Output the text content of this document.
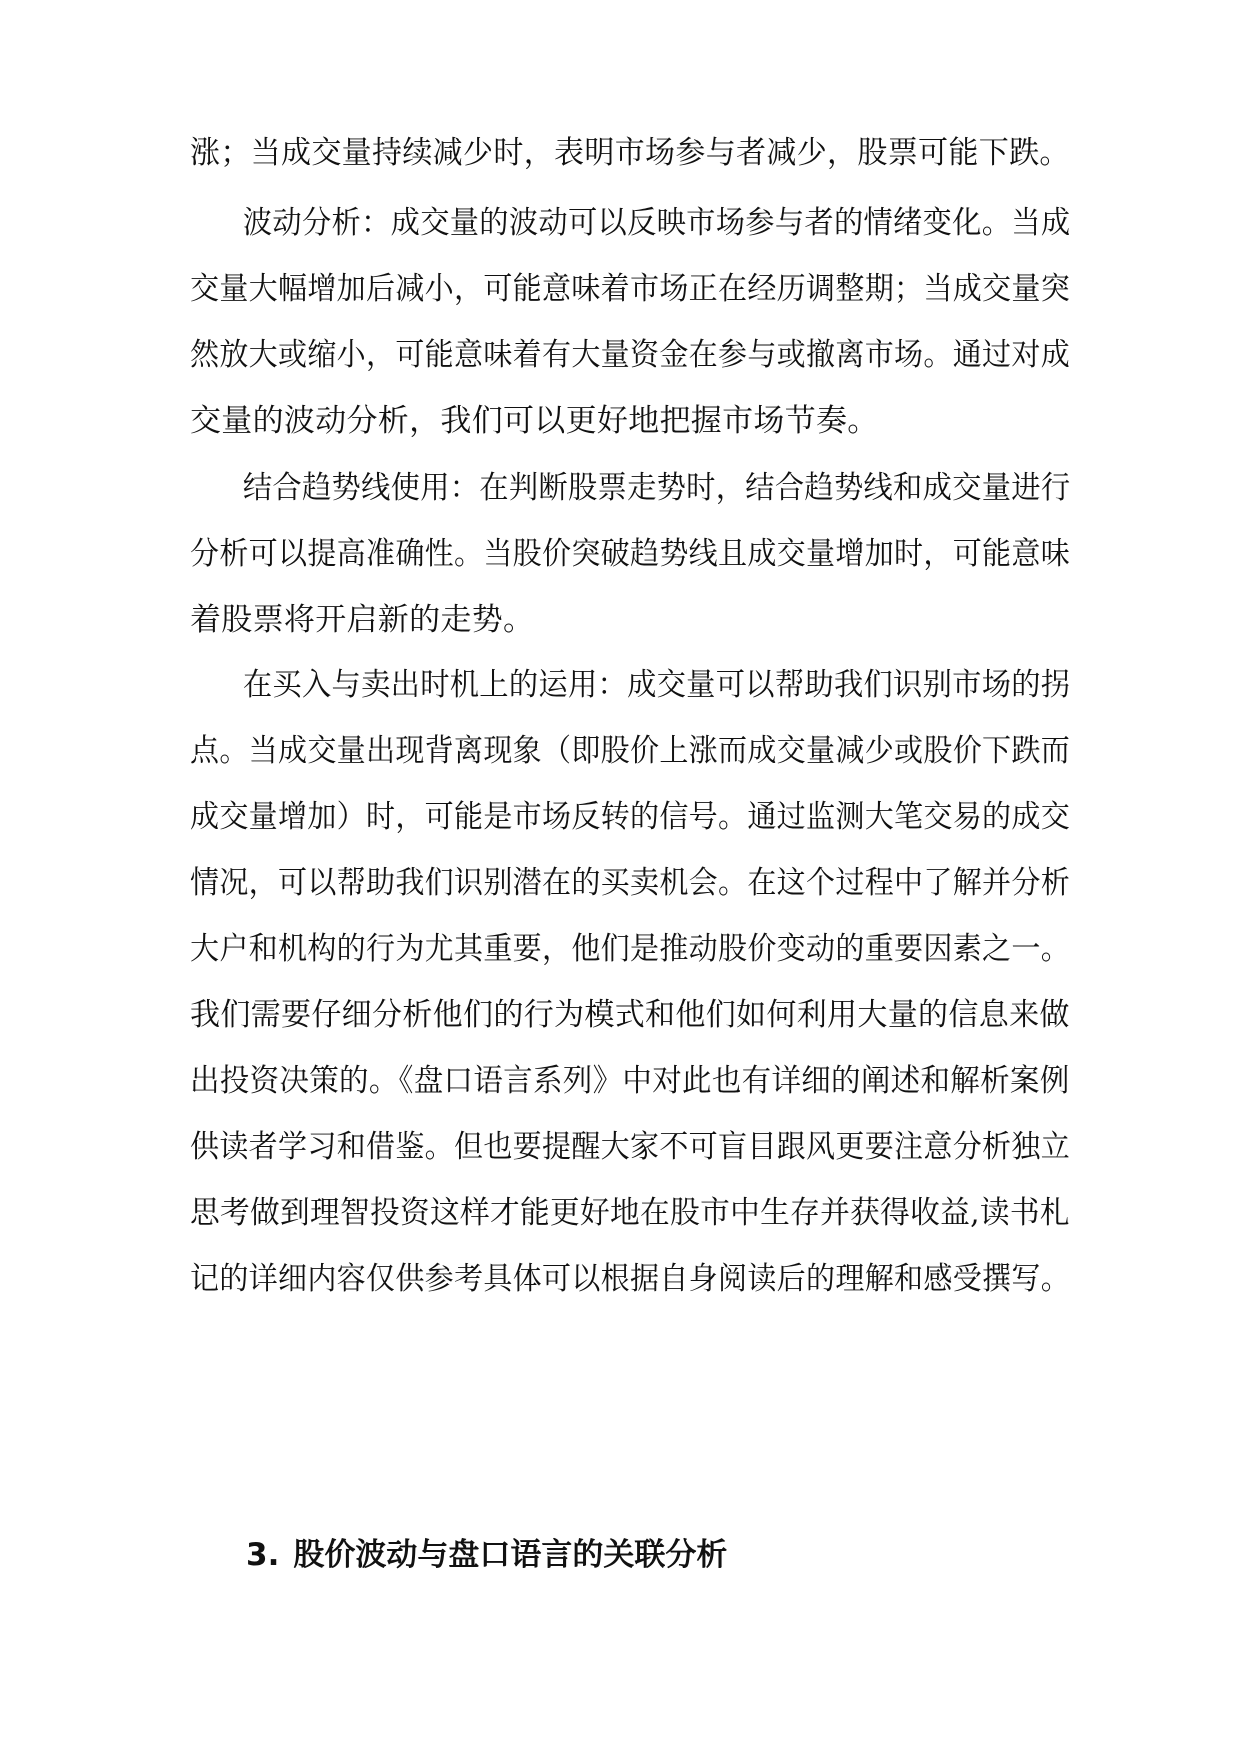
涨；当成交量持续减少时，表明市场参与者减少，股票可能下跌。
波动分析：成交量的波动可以反映市场参与者的情绪变化。当成
交量大幅增加后减小，可能意味着市场正在经历调整期；当成交量突
然放大或缩小，可能意味着有大量资金在参与或撤离市场。通过对成
交量的波动分析，我们可以更好地把握市场节奏。
结合趋势线使用：在判断股票走势时，结合趋势线和成交量进行
分析可以提高准确性。当股价突破趋势线且成交量增加时，可能意味
着股票将开启新的走势。
在买入与卖出时机上的运用：成交量可以帮助我们识别市场的拐
点。当成交量出现背离现象（即股价上涨而成交量减少或股价下跌而
成交量增加）时，可能是市场反转的信号。通过监测大笔交易的成交
情况，可以帮助我们识别潜在的买卖机会。在这个过程中了解并分析
大户和机构的行为尤其重要，他们是推动股价变动的重要因素之一。
我们需要仔细分析他们的行为模式和他们如何利用大量的信息来做
出投资决策的。《盘口语言系列》中对此也有详细的阐述和解析案例
供读者学习和借鉴。但也要提醒大家不可盲目跟风更要注意分析独立
思考做到理智投资这样才能更好地在股市中生存并获得收益,读书札
记的详细内容仅供参考具体可以根据自身阅读后的理解和感受撰写。
3. 股价波动与盘口语言的关联分析
